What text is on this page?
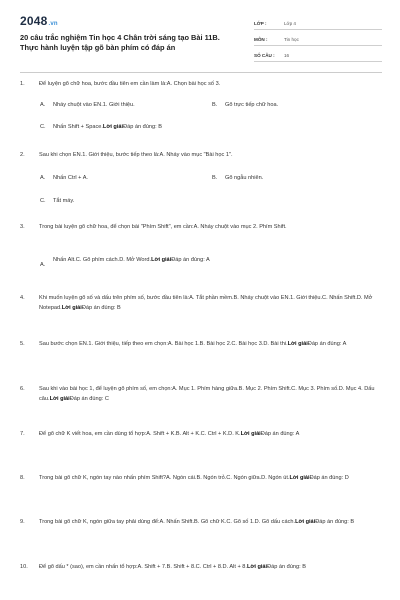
2048.vn
20 câu trắc nghiệm Tin học 4 Chân trời sáng tạo Bài 11B.
Thực hành luyện tập gõ bàn phím có đáp án
LỚP :	Lớp 4
MÔN :	Tin học
SỐ CÂU :	16
1.	Để luyện gõ chữ hoa, bước đầu tiên em cần làm là:A. Chọn bài học số 3.
A. Nháy chuột vào EN.1. Giới thiệu.	B. Gõ trực tiếp chữ hoa.
C. Nhấn Shift + Space.Lời giảiĐáp án đúng: B
2.	Sau khi chọn EN.1. Giới thiệu, bước tiếp theo là:A. Nháy vào mục "Bài học 1".
A. Nhấn Ctrl + A.	B. Gõ ngẫu nhiên.
C. Tắt máy.
3.	Trong bài luyện gõ chữ hoa, để chọn bài "Phím Shift", em cần:A. Nháy chuột vào mục 2. Phím Shift.
A.
Nhấn Alt.C. Gõ phím cách.D. Mở Word.Lời giảiĐáp án đúng: A
4.	Khi muốn luyện gõ số và dấu trên phím số, bước đầu tiên là:A. Tắt phần mềm.B. Nháy chuột vào EN.1. Giới thiệu.C. Nhấn Shift.D. Mở Notepad.Lời giảiĐáp án đúng: B
5.	Sau bước chọn EN.1. Giới thiệu, tiếp theo em chọn:A. Bài học 1.B. Bài học 2.C. Bài học 3.D. Bài thi.Lời giảiĐáp án đúng: A
6.	Sau khi vào bài học 1, để luyện gõ phím số, em chọn:A. Mục 1. Phím hàng giữa.B. Mục 2. Phím Shift.C. Mục 3. Phím số.D. Mục 4. Dấu câu.Lời giảiĐáp án đúng: C
7.	Để gõ chữ K viết hoa, em cần dùng tổ hợp:A. Shift + K.B. Alt + K.C. Ctrl + K.D. K.Lời giảiĐáp án đúng: A
8.	Trong bài gõ chữ K, ngón tay nào nhấn phím Shift?A. Ngón cái.B. Ngón trỏ.C. Ngón giữa.D. Ngón út.Lời giảiĐáp án đúng: D
9.	Trong bài gõ chữ K, ngón giữa tay phải dùng để:A. Nhấn Shift.B. Gõ chữ K.C. Gõ số 1.D. Gõ dấu cách.Lời giảiĐáp án đúng: B
10.	Để gõ dấu * (sao), em cần nhấn tổ hợp:A. Shift + 7.B. Shift + 8.C. Ctrl + 8.D. Alt + 8.Lời giảiĐáp án đúng: B
